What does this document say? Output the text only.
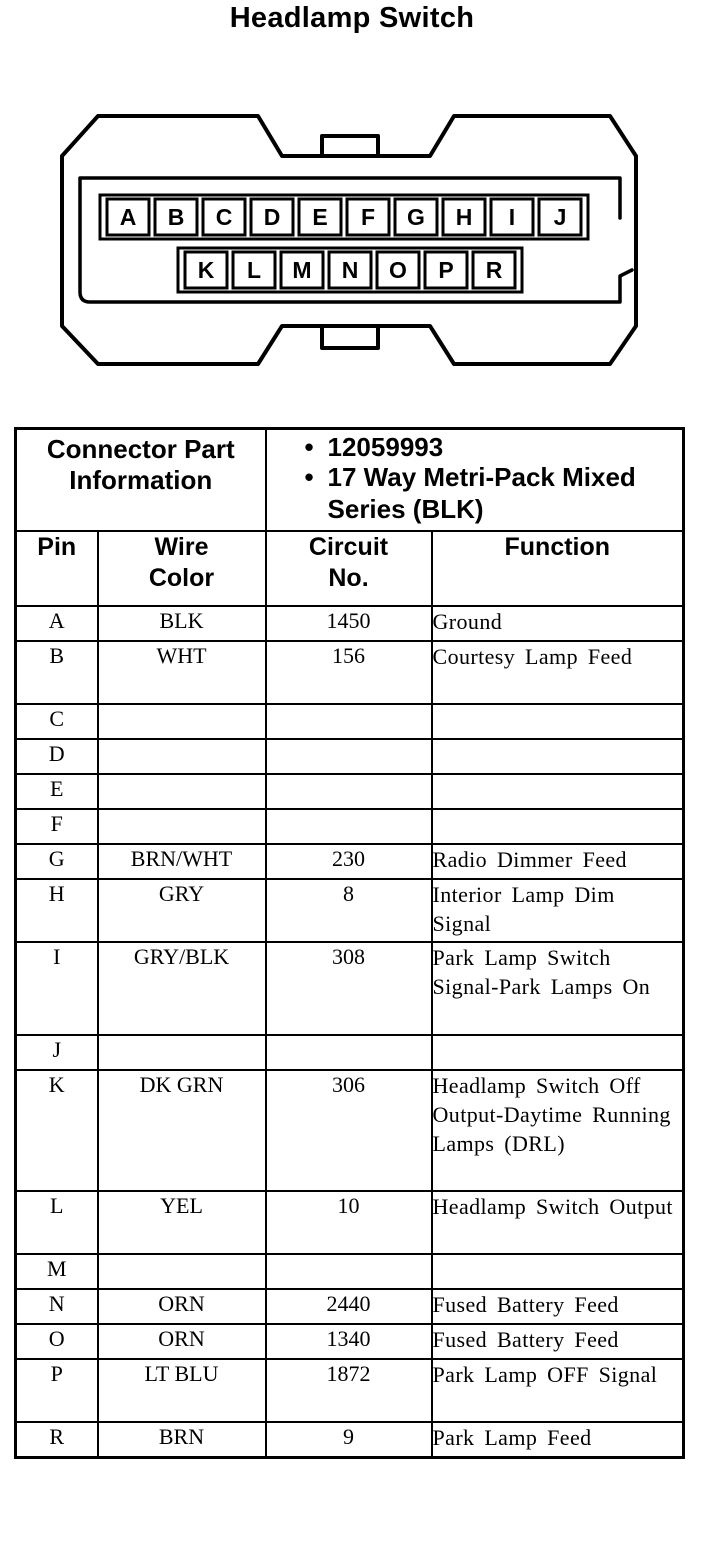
Headlamp Switch
A B C D E F G H I J
K L M N O P R
Connector Part Information		• 12059993
• 17 Way Metri-Pack Mixed Series (BLK)	

Pin	Wire Color	Circuit No.	Function
A	BLK	1450	Ground
B	WHT	156	Courtesy Lamp Feed
C			
D			
E			
F			
G	BRN/WHT	230	Radio Dimmer Feed
H	GRY	8	Interior Lamp Dim Signal
I	GRY/BLK	308	Park Lamp Switch Signal-Park Lamps On
J			
K	DK GRN	306	Headlamp Switch Off Output-Daytime Running Lamps (DRL)
L	YEL	10	Headlamp Switch Output
M			
N	ORN	2440	Fused Battery Feed
O	ORN	1340	Fused Battery Feed
P	LT BLU	1872	Park Lamp OFF Signal
R	BRN	9	Park Lamp Feed
